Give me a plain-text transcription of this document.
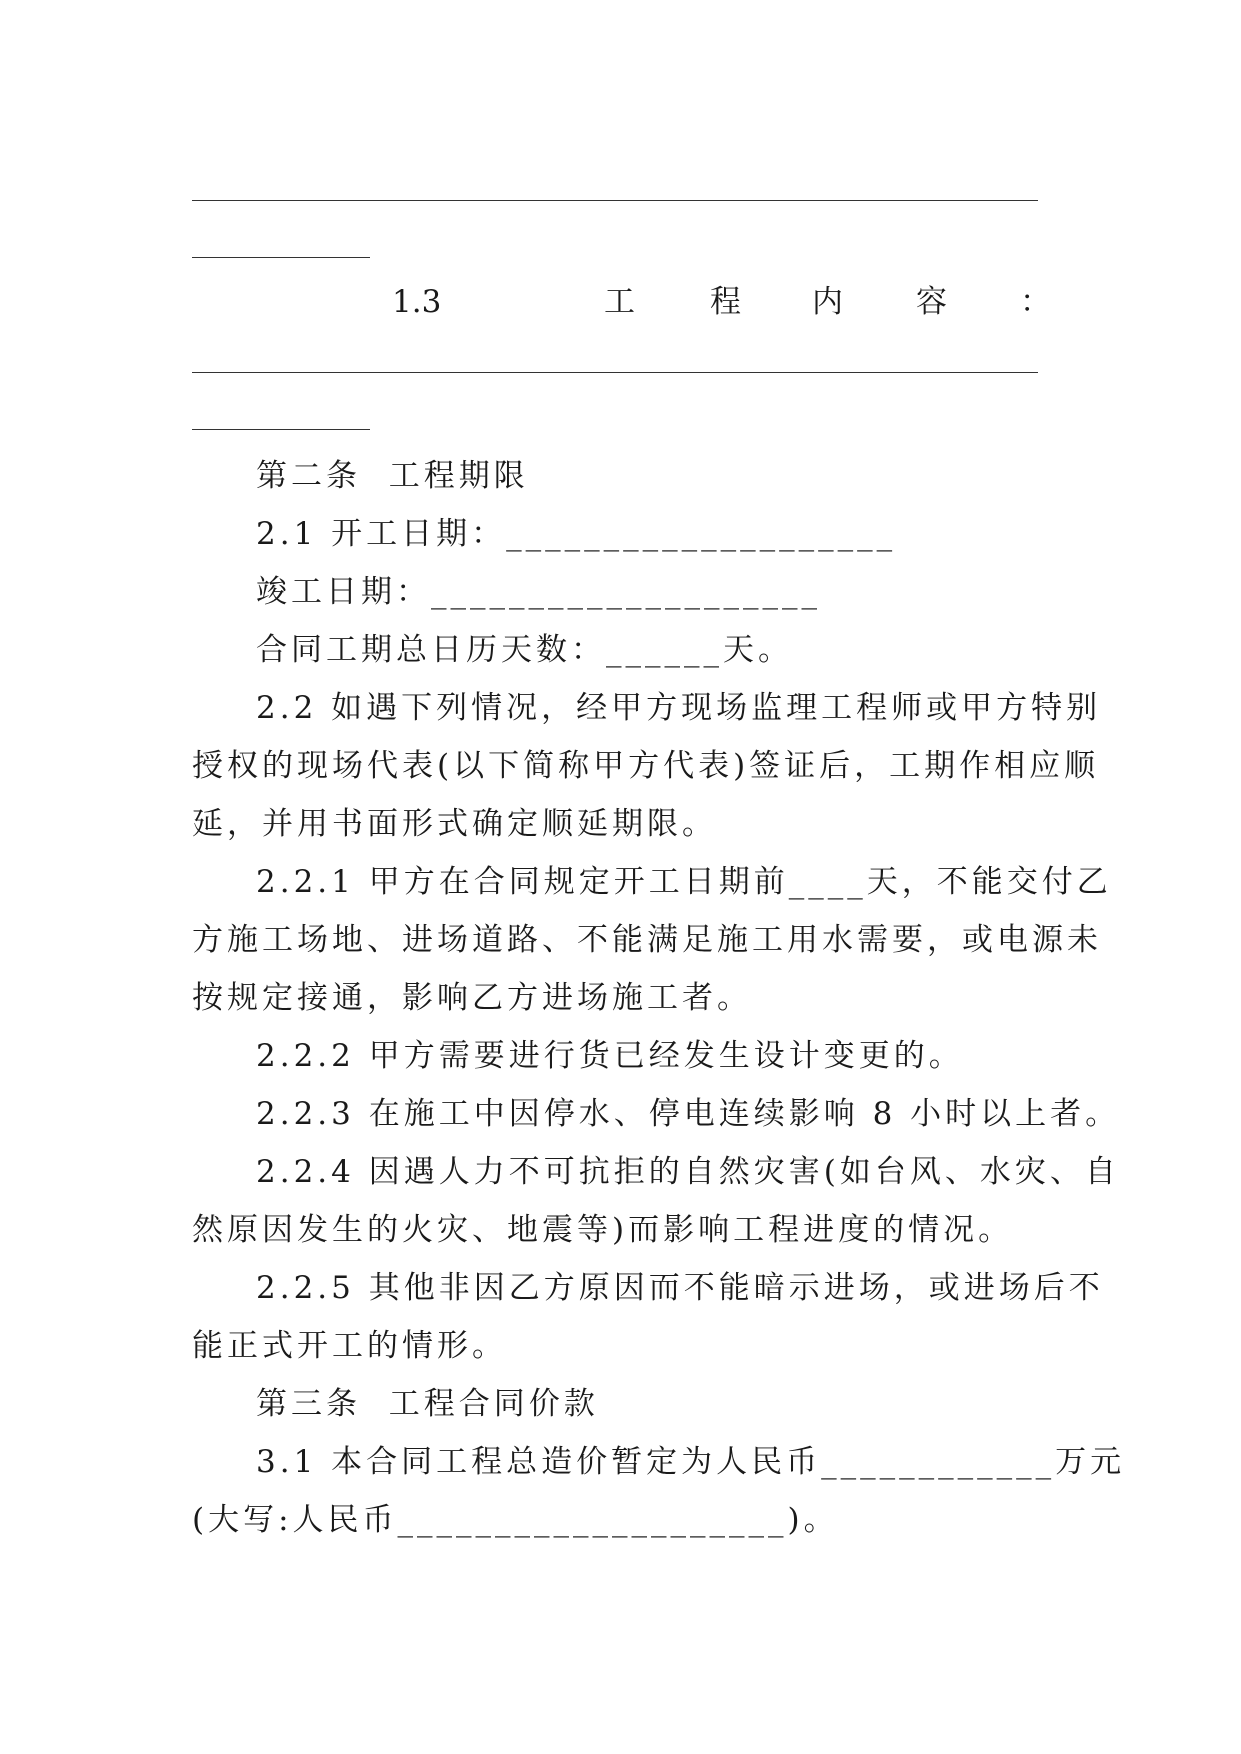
1.3	工 程 内 容 ：
第二条  工程期限
2.1 开工日期：____________________
竣工日期：____________________
合同工期总日历天数：______天。
2.2 如遇下列情况，经甲方现场监理工程师或甲方特别
授权的现场代表(以下简称甲方代表)签证后，工期作相应顺
延，并用书面形式确定顺延期限。
2.2.1 甲方在合同规定开工日期前____天，不能交付乙
方施工场地、进场道路、不能满足施工用水需要，或电源未
按规定接通，影响乙方进场施工者。
2.2.2 甲方需要进行货已经发生设计变更的。
2.2.3 在施工中因停水、停电连续影响 8 小时以上者。
2.2.4 因遇人力不可抗拒的自然灾害(如台风、水灾、自
然原因发生的火灾、地震等)而影响工程进度的情况。
2.2.5 其他非因乙方原因而不能暗示进场，或进场后不
能正式开工的情形。
第三条  工程合同价款
3.1 本合同工程总造价暂定为人民币____________万元
(大写:人民币____________________)。
